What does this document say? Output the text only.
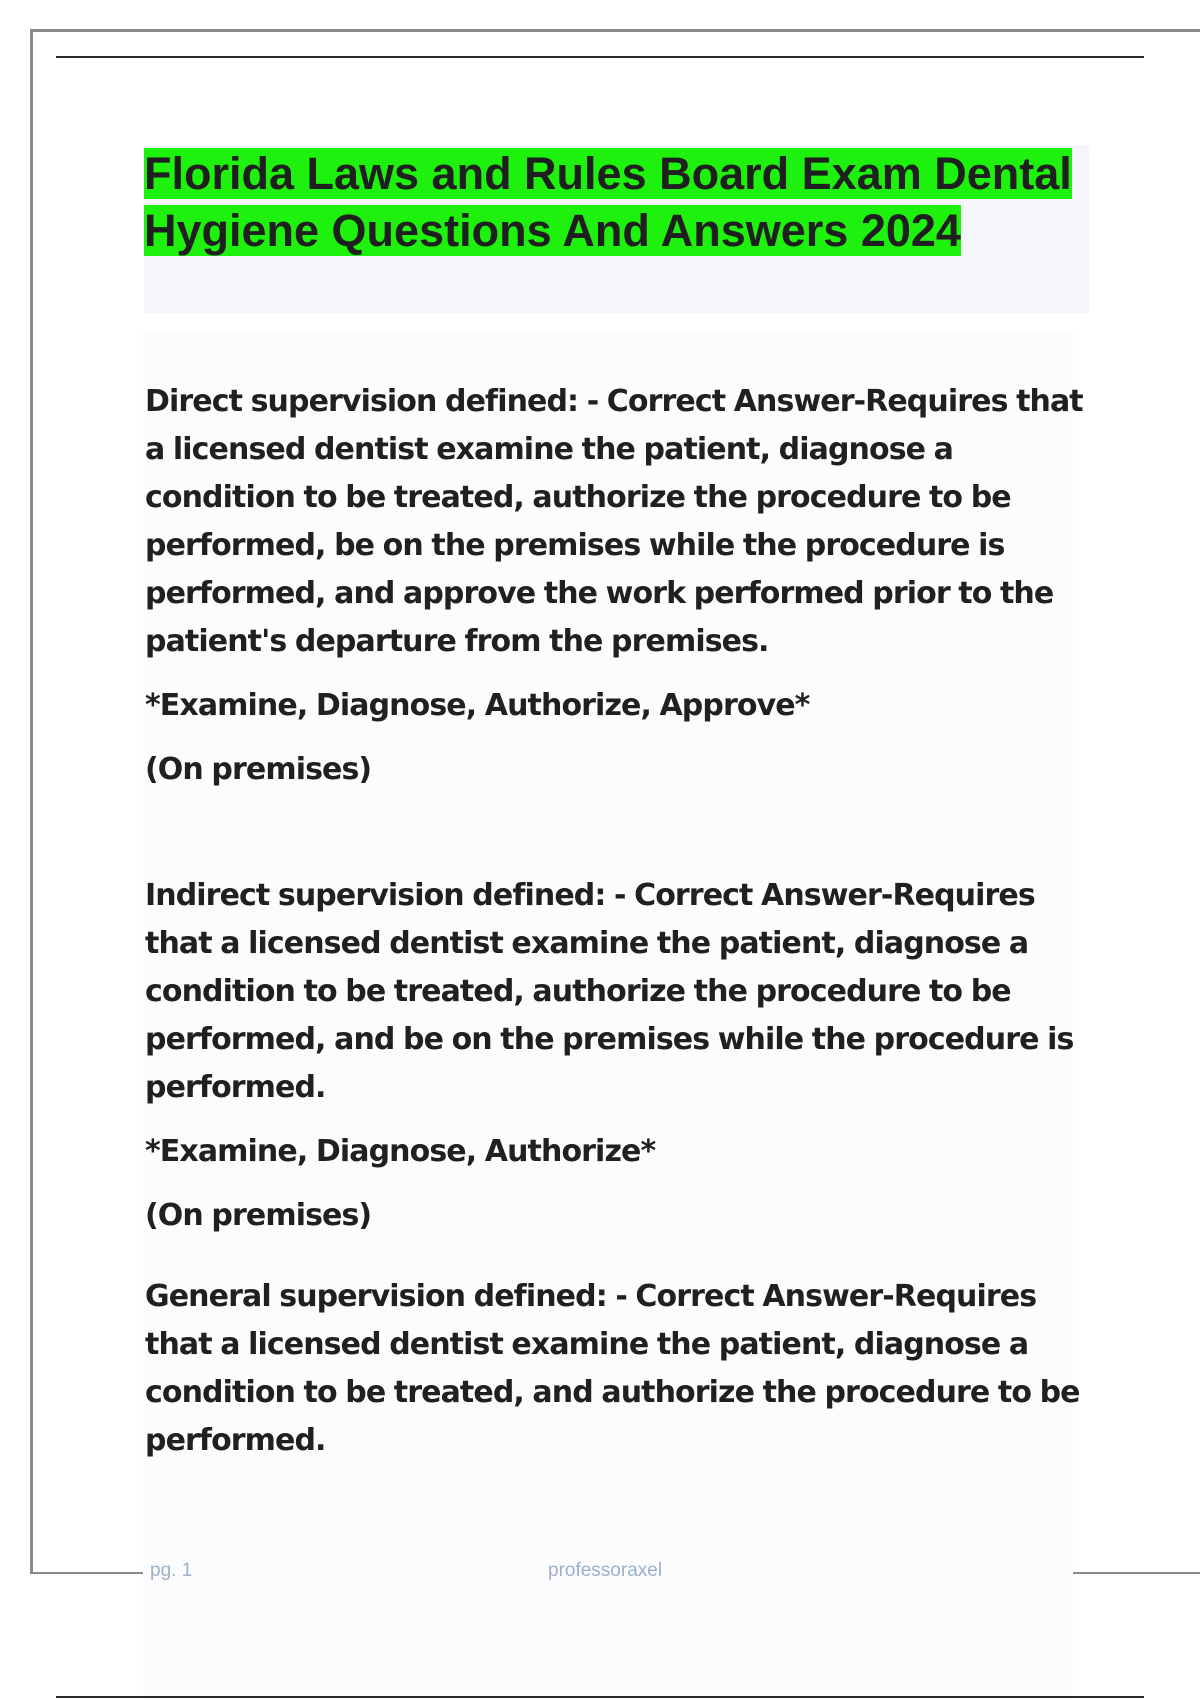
Florida Laws and Rules Board Exam Dental Hygiene Questions And Answers 2024

Direct supervision defined: - Correct Answer-Requires that a licensed dentist examine the patient, diagnose a condition to be treated, authorize the procedure to be performed, be on the premises while the procedure is performed, and approve the work performed prior to the patient's departure from the premises.

*Examine, Diagnose, Authorize, Approve*

(On premises)

Indirect supervision defined: - Correct Answer-Requires that a licensed dentist examine the patient, diagnose a condition to be treated, authorize the procedure to be performed, and be on the premises while the procedure is performed.

*Examine, Diagnose, Authorize*

(On premises)

General supervision defined: - Correct Answer-Requires that a licensed dentist examine the patient, diagnose a condition to be treated, and authorize the procedure to be performed.

pg. 1	professoraxel
